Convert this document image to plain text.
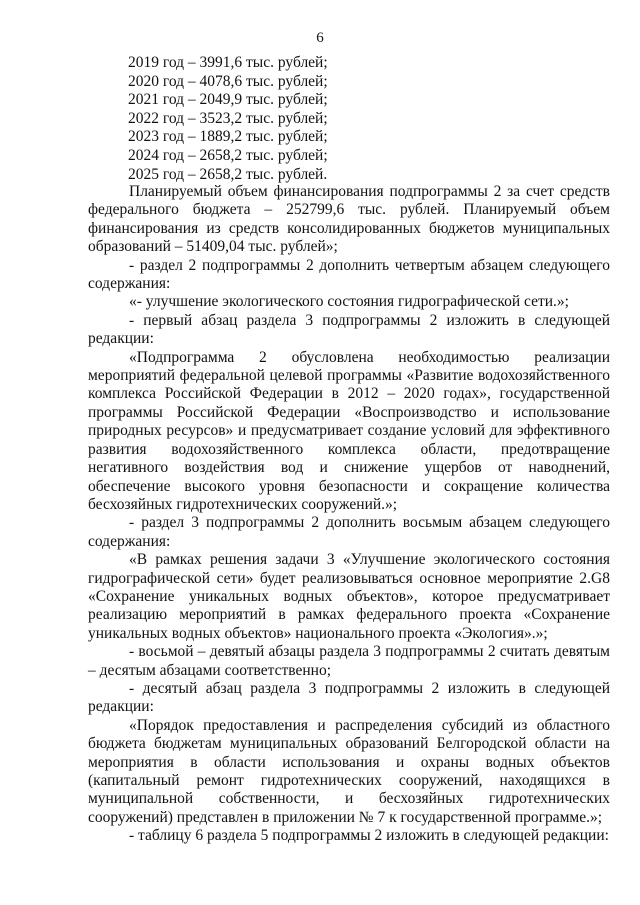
6
2019 год – 3991,6 тыс. рублей;
2020 год – 4078,6 тыс. рублей;
2021 год – 2049,9 тыс. рублей;
2022 год – 3523,2 тыс. рублей;
2023 год – 1889,2 тыс. рублей;
2024 год – 2658,2 тыс. рублей;
2025 год – 2658,2 тыс. рублей.

Планируемый объем финансирования подпрограммы 2 за счет средств федерального бюджета – 252799,6 тыс. рублей. Планируемый объем финансирования из средств консолидированных бюджетов муниципальных образований – 51409,04 тыс. рублей»;

- раздел 2 подпрограммы 2 дополнить четвертым абзацем следующего содержания:

«- улучшение экологического состояния гидрографической сети.»;

- первый абзац раздела 3 подпрограммы 2 изложить в следующей редакции:

«Подпрограмма 2 обусловлена необходимостью реализации мероприятий федеральной целевой программы «Развитие водохозяйственного комплекса Российской Федерации в 2012 – 2020 годах», государственной программы Российской Федерации «Воспроизводство и использование природных ресурсов» и предусматривает создание условий для эффективного развития водохозяйственного комплекса области, предотвращение негативного воздействия вод и снижение ущербов от наводнений, обеспечение высокого уровня безопасности и сокращение количества бесхозяйных гидротехнических сооружений.»;

- раздел 3 подпрограммы 2 дополнить восьмым абзацем следующего содержания:

«В рамках решения задачи 3 «Улучшение экологического состояния гидрографической сети» будет реализовываться основное мероприятие 2.G8 «Сохранение уникальных водных объектов», которое предусматривает реализацию мероприятий в рамках федерального проекта «Сохранение уникальных водных объектов» национального проекта «Экология».»;

- восьмой – девятый абзацы раздела 3 подпрограммы 2 считать девятым – десятым абзацами соответственно;

- десятый абзац раздела 3 подпрограммы 2 изложить в следующей редакции:

«Порядок предоставления и распределения субсидий из областного бюджета бюджетам муниципальных образований Белгородской области на мероприятия в области использования и охраны водных объектов (капитальный ремонт гидротехнических сооружений, находящихся в муниципальной собственности, и бесхозяйных гидротехнических сооружений) представлен в приложении № 7 к государственной программе.»;

- таблицу 6 раздела 5 подпрограммы 2 изложить в следующей редакции:
